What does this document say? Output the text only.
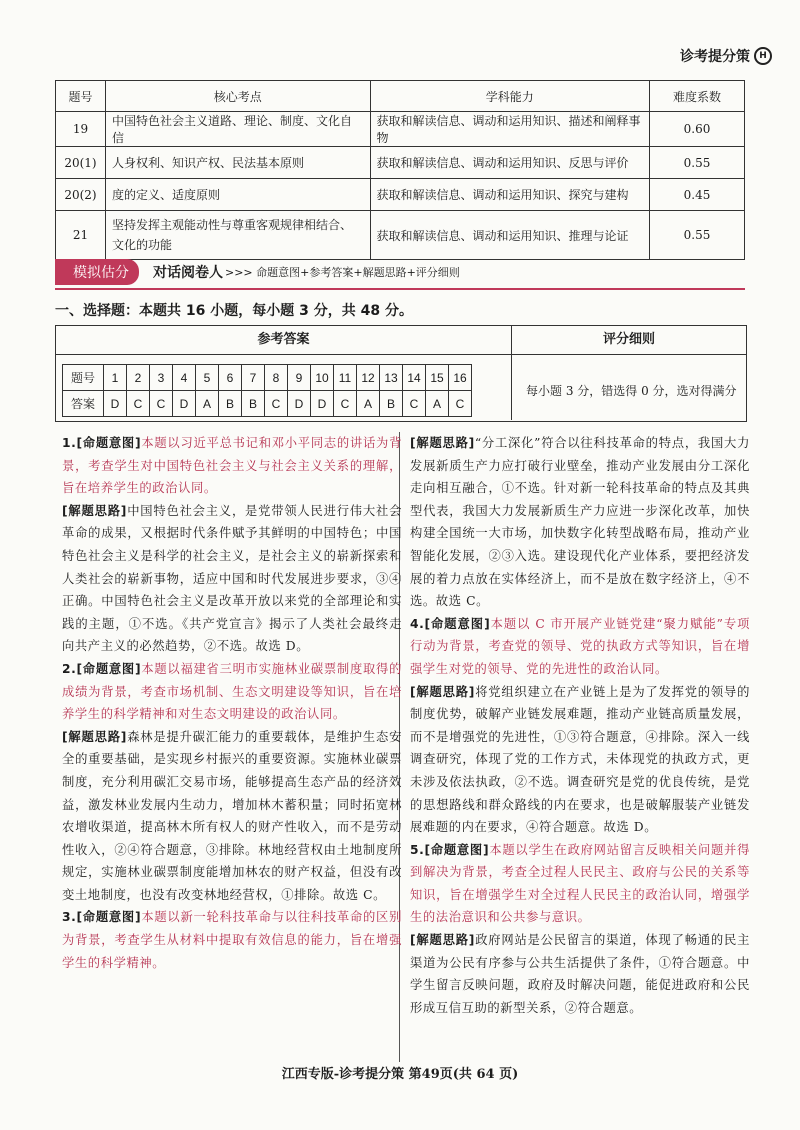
诊考提分策	H
题号	核心考点	学科能力	难度系数
19	中国特色社会主义道路、理论、制度、文化自信	获取和解读信息、调动和运用知识、描述和阐释事物	0.60
20(1)	人身权利、知识产权、民法基本原则	获取和解读信息、调动和运用知识、反思与评价	0.55
20(2)	度的定义、适度原则	获取和解读信息、调动和运用知识、探究与建构	0.45
21	坚持发挥主观能动性与尊重客观规律相结合、文化的功能	获取和解读信息、调动和运用知识、推理与论证	0.55
模拟估分	对话阅卷人 >>> 命题意图+参考答案+解题思路+评分细则
一、选择题：本题共 16 小题，每小题 3 分，共 48 分。
参考答案	评分细则
题号	1	2	3	4	5	6	7	8	9	10	11	12	13	14	15	16
答案	D	C	C	D	A	B	B	C	D	D	C	A	B	C	A	C
每小题 3 分，错选得 0 分，选对得满分

1.[命题意图]本题以习近平总书记和邓小平同志的讲话为背景，考查学生对中国特色社会主义与社会主义关系的理解，旨在培养学生的政治认同。

[解题思路]中国特色社会主义，是党带领人民进行伟大社会革命的成果，又根据时代条件赋予其鲜明的中国特色；中国特色社会主义是科学的社会主义，是社会主义的崭新探索和人类社会的崭新事物，适应中国和时代发展进步要求，③④正确。中国特色社会主义是改革开放以来党的全部理论和实践的主题，①不选。《共产党宣言》揭示了人类社会最终走向共产主义的必然趋势，②不选。故选 D。

2.[命题意图]本题以福建省三明市实施林业碳票制度取得的成绩为背景，考查市场机制、生态文明建设等知识，旨在培养学生的科学精神和对生态文明建设的政治认同。

[解题思路]森林是提升碳汇能力的重要载体，是维护生态安全的重要基础，是实现乡村振兴的重要资源。实施林业碳票制度，充分利用碳汇交易市场，能够提高生态产品的经济效益，激发林业发展内生动力，增加林木蓄积量；同时拓宽林农增收渠道，提高林木所有权人的财产性收入，而不是劳动性收入，②④符合题意，③排除。林地经营权由土地制度所规定，实施林业碳票制度能增加林农的财产权益，但没有改变土地制度，也没有改变林地经营权，①排除。故选 C。

3.[命题意图]本题以新一轮科技革命与以往科技革命的区别为背景，考查学生从材料中提取有效信息的能力，旨在增强学生的科学精神。

[解题思路]“分工深化”符合以往科技革命的特点，我国大力发展新质生产力应打破行业壁垒，推动产业发展由分工深化走向相互融合，①不选。针对新一轮科技革命的特点及其典型代表，我国大力发展新质生产力应进一步深化改革，加快构建全国统一大市场，加快数字化转型战略布局，推动产业智能化发展，②③入选。建设现代化产业体系，要把经济发展的着力点放在实体经济上，而不是放在数字经济上，④不选。故选 C。

4.[命题意图]本题以 C 市开展产业链党建“聚力赋能”专项行动为背景，考查党的领导、党的执政方式等知识，旨在增强学生对党的领导、党的先进性的政治认同。

[解题思路]将党组织建立在产业链上是为了发挥党的领导的制度优势，破解产业链发展难题，推动产业链高质量发展，而不是增强党的先进性，①③符合题意，④排除。深入一线调查研究，体现了党的工作方式，未体现党的执政方式，更未涉及依法执政，②不选。调查研究是党的优良传统，是党的思想路线和群众路线的内在要求，也是破解服装产业链发展难题的内在要求，④符合题意。故选 D。

5.[命题意图]本题以学生在政府网站留言反映相关问题并得到解决为背景，考查全过程人民民主、政府与公民的关系等知识，旨在增强学生对全过程人民民主的政治认同，增强学生的法治意识和公共参与意识。

[解题思路]政府网站是公民留言的渠道，体现了畅通的民主渠道为公民有序参与公共生活提供了条件，①符合题意。中学生留言反映问题，政府及时解决问题，能促进政府和公民形成互信互助的新型关系，②符合题意。

江西专版-诊考提分策 第49页(共 64 页)
